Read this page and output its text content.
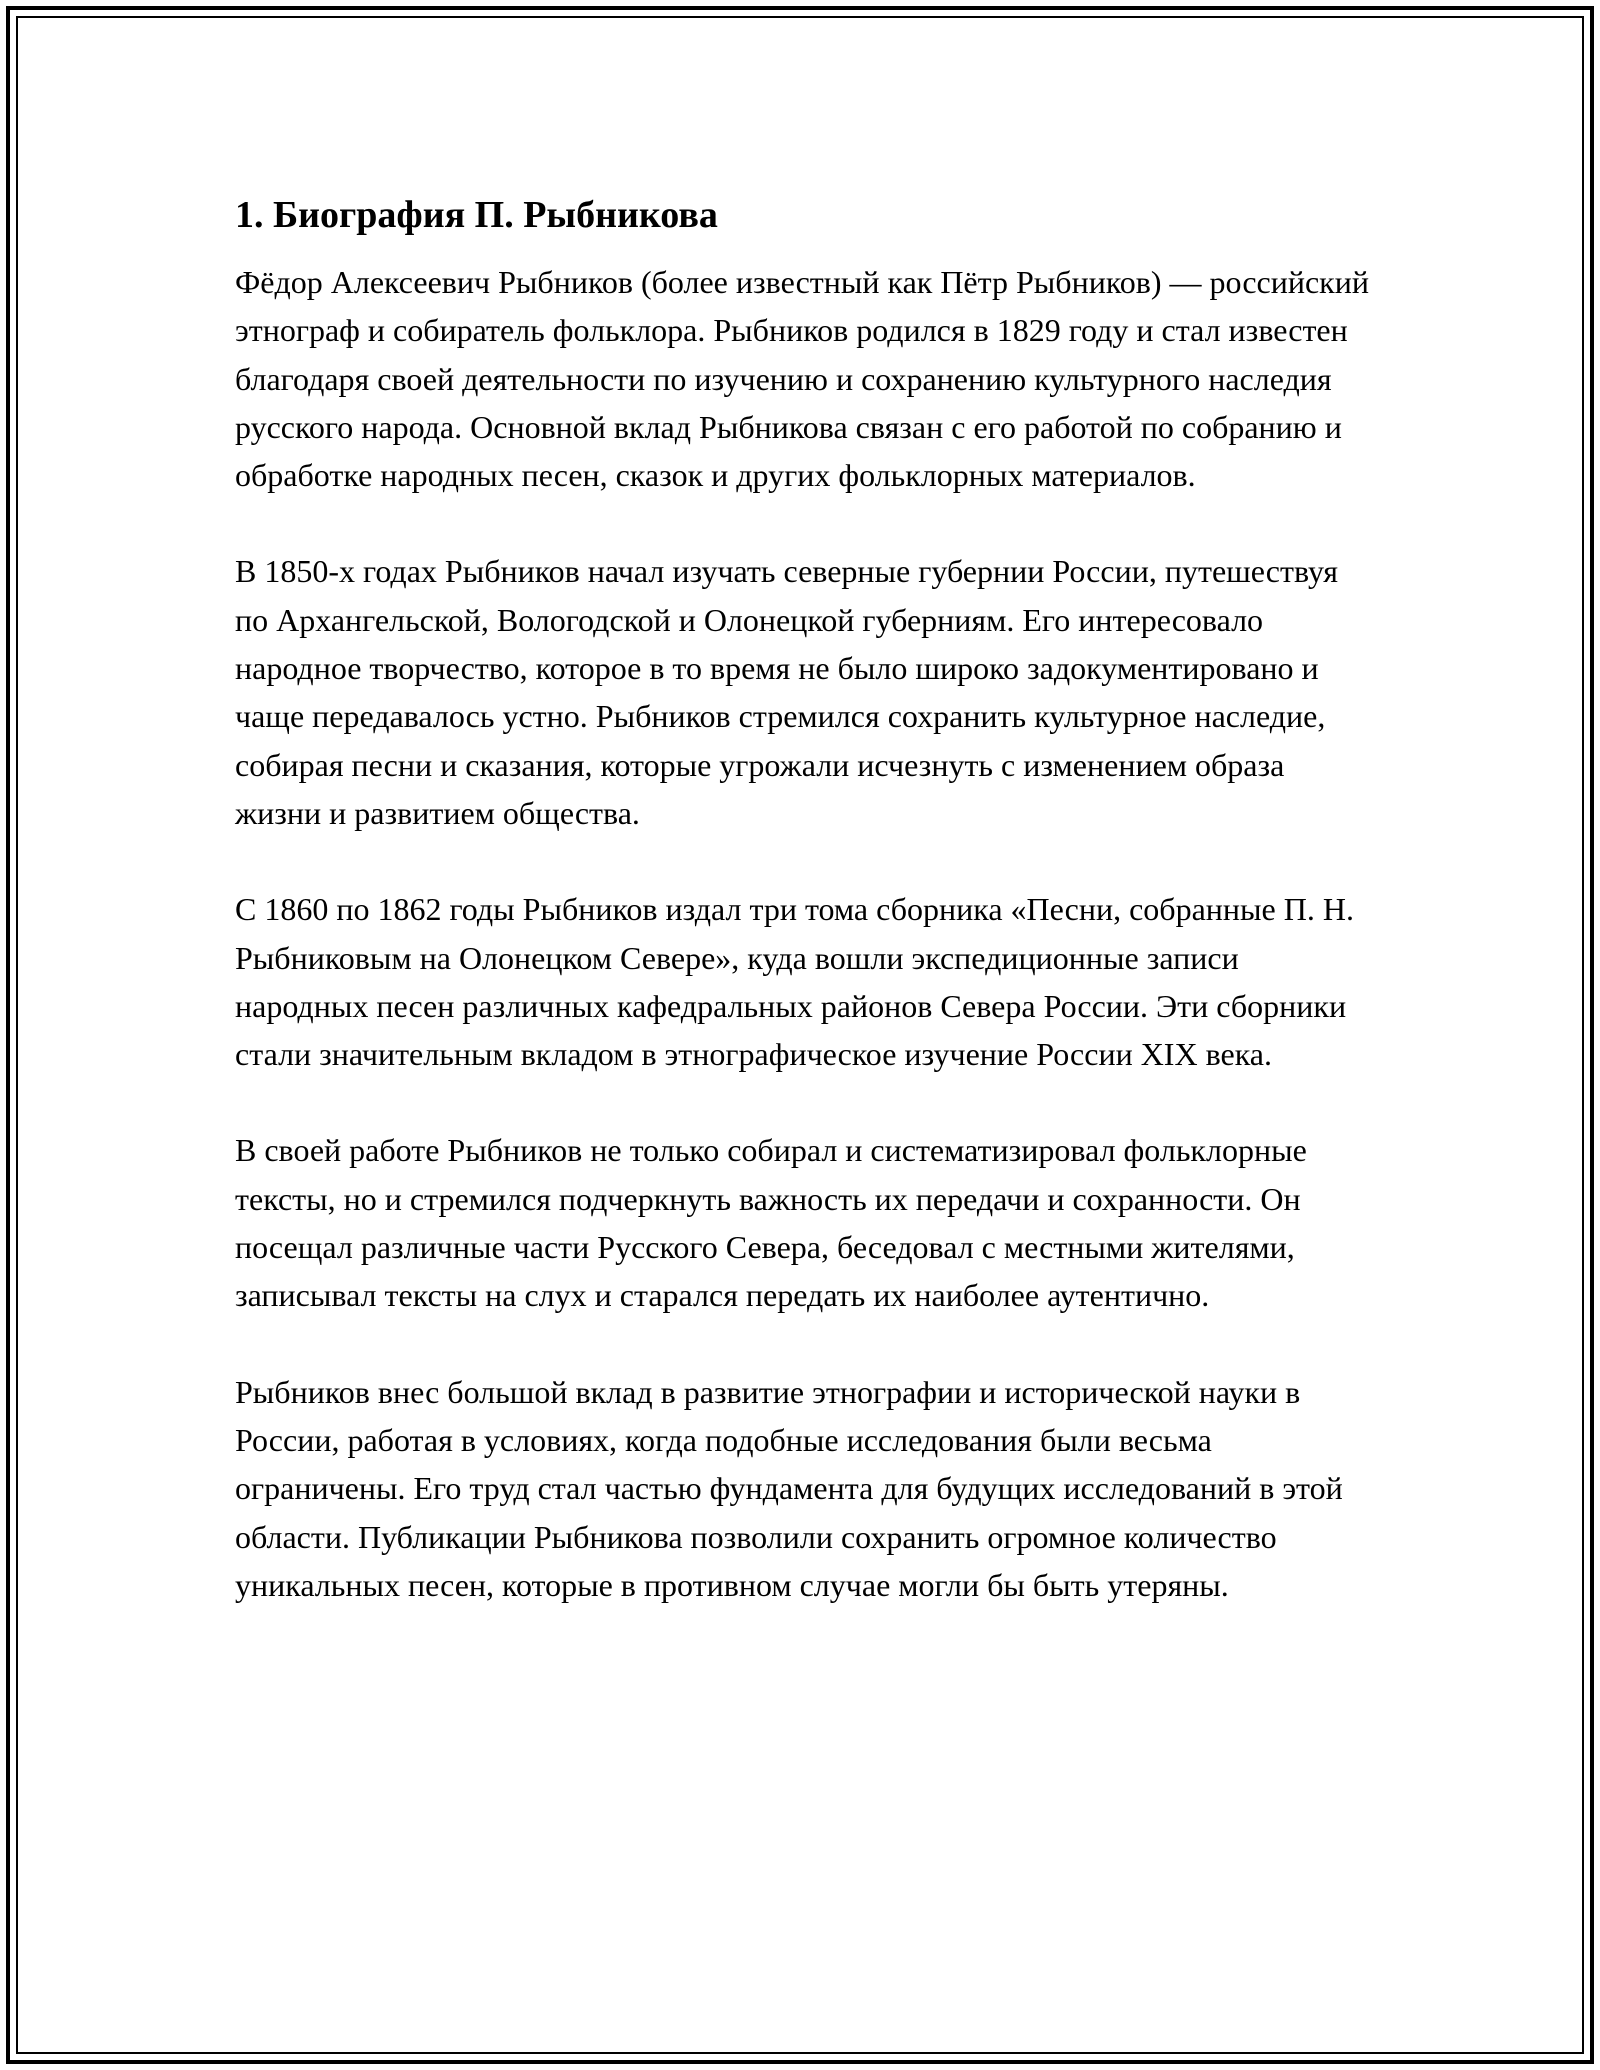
1. Биография П. Рыбникова

Фёдор Алексеевич Рыбников (более известный как Пётр Рыбников) — российский этнограф и собиратель фольклора. Рыбников родился в 1829 году и стал известен благодаря своей деятельности по изучению и сохранению культурного наследия русского народа. Основной вклад Рыбникова связан с его работой по собранию и обработке народных песен, сказок и других фольклорных материалов.

В 1850-х годах Рыбников начал изучать северные губернии России, путешествуя по Архангельской, Вологодской и Олонецкой губерниям. Его интересовало народное творчество, которое в то время не было широко задокументировано и чаще передавалось устно. Рыбников стремился сохранить культурное наследие, собирая песни и сказания, которые угрожали исчезнуть с изменением образа жизни и развитием общества.

С 1860 по 1862 годы Рыбников издал три тома сборника «Песни, собранные П. Н. Рыбниковым на Олонецком Севере», куда вошли экспедиционные записи народных песен различных кафедральных районов Севера России. Эти сборники стали значительным вкладом в этнографическое изучение России XIX века.

В своей работе Рыбников не только собирал и систематизировал фольклорные тексты, но и стремился подчеркнуть важность их передачи и сохранности. Он посещал различные части Русского Севера, беседовал с местными жителями, записывал тексты на слух и старался передать их наиболее аутентично.

Рыбников внес большой вклад в развитие этнографии и исторической науки в России, работая в условиях, когда подобные исследования были весьма ограничены. Его труд стал частью фундамента для будущих исследований в этой области. Публикации Рыбникова позволили сохранить огромное количество уникальных песен, которые в противном случае могли бы быть утеряны.
